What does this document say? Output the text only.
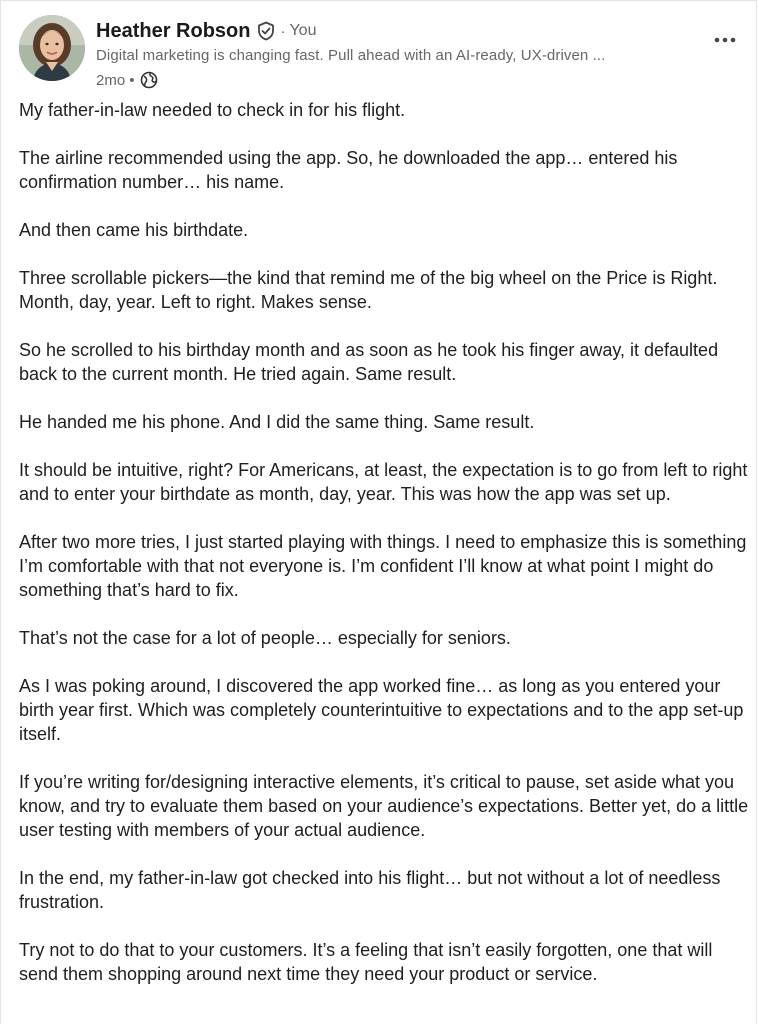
Heather Robson · You
Digital marketing is changing fast. Pull ahead with an AI-ready, UX-driven ...
2mo •

My father-in-law needed to check in for his flight.

The airline recommended using the app. So, he downloaded the app… entered his confirmation number… his name.

And then came his birthdate.

Three scrollable pickers—the kind that remind me of the big wheel on the Price is Right. Month, day, year. Left to right. Makes sense.

So he scrolled to his birthday month and as soon as he took his finger away, it defaulted back to the current month. He tried again. Same result.

He handed me his phone. And I did the same thing. Same result.

It should be intuitive, right? For Americans, at least, the expectation is to go from left to right and to enter your birthdate as month, day, year. This was how the app was set up.

After two more tries, I just started playing with things. I need to emphasize this is something I’m comfortable with that not everyone is. I’m confident I’ll know at what point I might do something that’s hard to fix.

That’s not the case for a lot of people… especially for seniors.

As I was poking around, I discovered the app worked fine… as long as you entered your birth year first. Which was completely counterintuitive to expectations and to the app set-up itself.

If you’re writing for/designing interactive elements, it’s critical to pause, set aside what you know, and try to evaluate them based on your audience’s expectations. Better yet, do a little user testing with members of your actual audience.

In the end, my father-in-law got checked into his flight… but not without a lot of needless frustration.

Try not to do that to your customers. It’s a feeling that isn’t easily forgotten, one that will send them shopping around next time they need your product or service.
